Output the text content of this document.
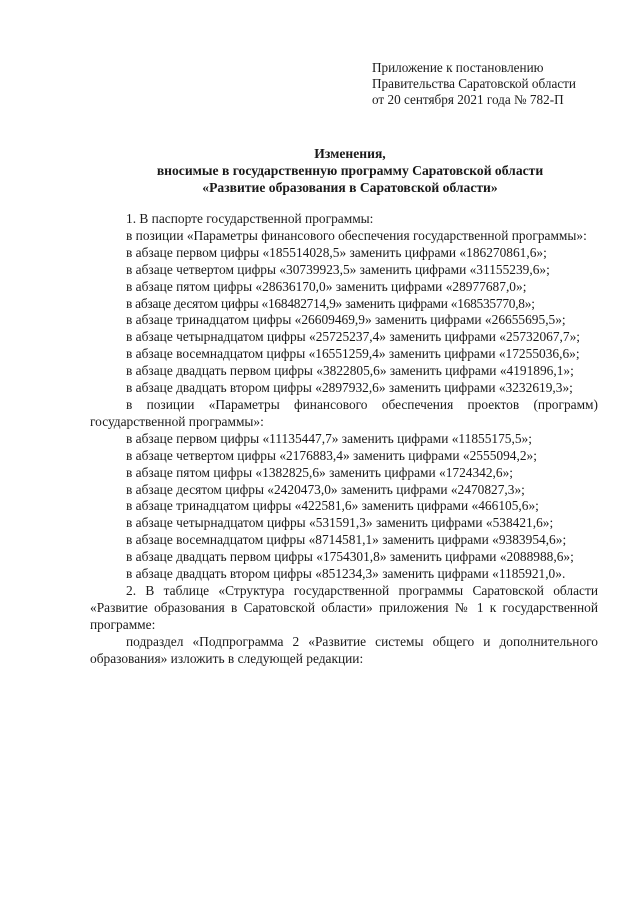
Приложение к постановлению
Правительства Саратовской области
от 20 сентября 2021 года № 782-П
Изменения,
вносимые в государственную программу Саратовской области
«Развитие образования в Саратовской области»

1. В паспорте государственной программы:

в позиции «Параметры финансового обеспечения государственной программы»:

в абзаце первом цифры «185514028,5» заменить цифрами «186270861,6»;

в абзаце четвертом цифры «30739923,5» заменить цифрами «31155239,6»;

в абзаце пятом цифры «28636170,0» заменить цифрами «28977687,0»;

в абзаце десятом цифры «168482714,9» заменить цифрами «168535770,8»;

в абзаце тринадцатом цифры «26609469,9» заменить цифрами «26655695,5»;

в абзаце четырнадцатом цифры «25725237,4» заменить цифрами «25732067,7»;

в абзаце восемнадцатом цифры «16551259,4» заменить цифрами «17255036,6»;

в абзаце двадцать первом цифры «3822805,6» заменить цифрами «4191896,1»;

в абзаце двадцать втором цифры «2897932,6» заменить цифрами «3232619,3»;

в позиции «Параметры финансового обеспечения проектов (программ) государственной программы»:

в абзаце первом цифры «11135447,7» заменить цифрами «11855175,5»;

в абзаце четвертом цифры «2176883,4» заменить цифрами «2555094,2»;

в абзаце пятом цифры «1382825,6» заменить цифрами «1724342,6»;

в абзаце десятом цифры «2420473,0» заменить цифрами «2470827,3»;

в абзаце тринадцатом цифры «422581,6» заменить цифрами «466105,6»;

в абзаце четырнадцатом цифры «531591,3» заменить цифрами «538421,6»;

в абзаце восемнадцатом цифры «8714581,1» заменить цифрами «9383954,6»;

в абзаце двадцать первом цифры «1754301,8» заменить цифрами «2088988,6»;

в абзаце двадцать втором цифры «851234,3» заменить цифрами «1185921,0».

2. В таблице «Структура государственной программы Саратовской области «Развитие образования в Саратовской области» приложения № 1 к государственной программе:

подраздел «Подпрограмма 2 «Развитие системы общего и дополнительного образования» изложить в следующей редакции:
